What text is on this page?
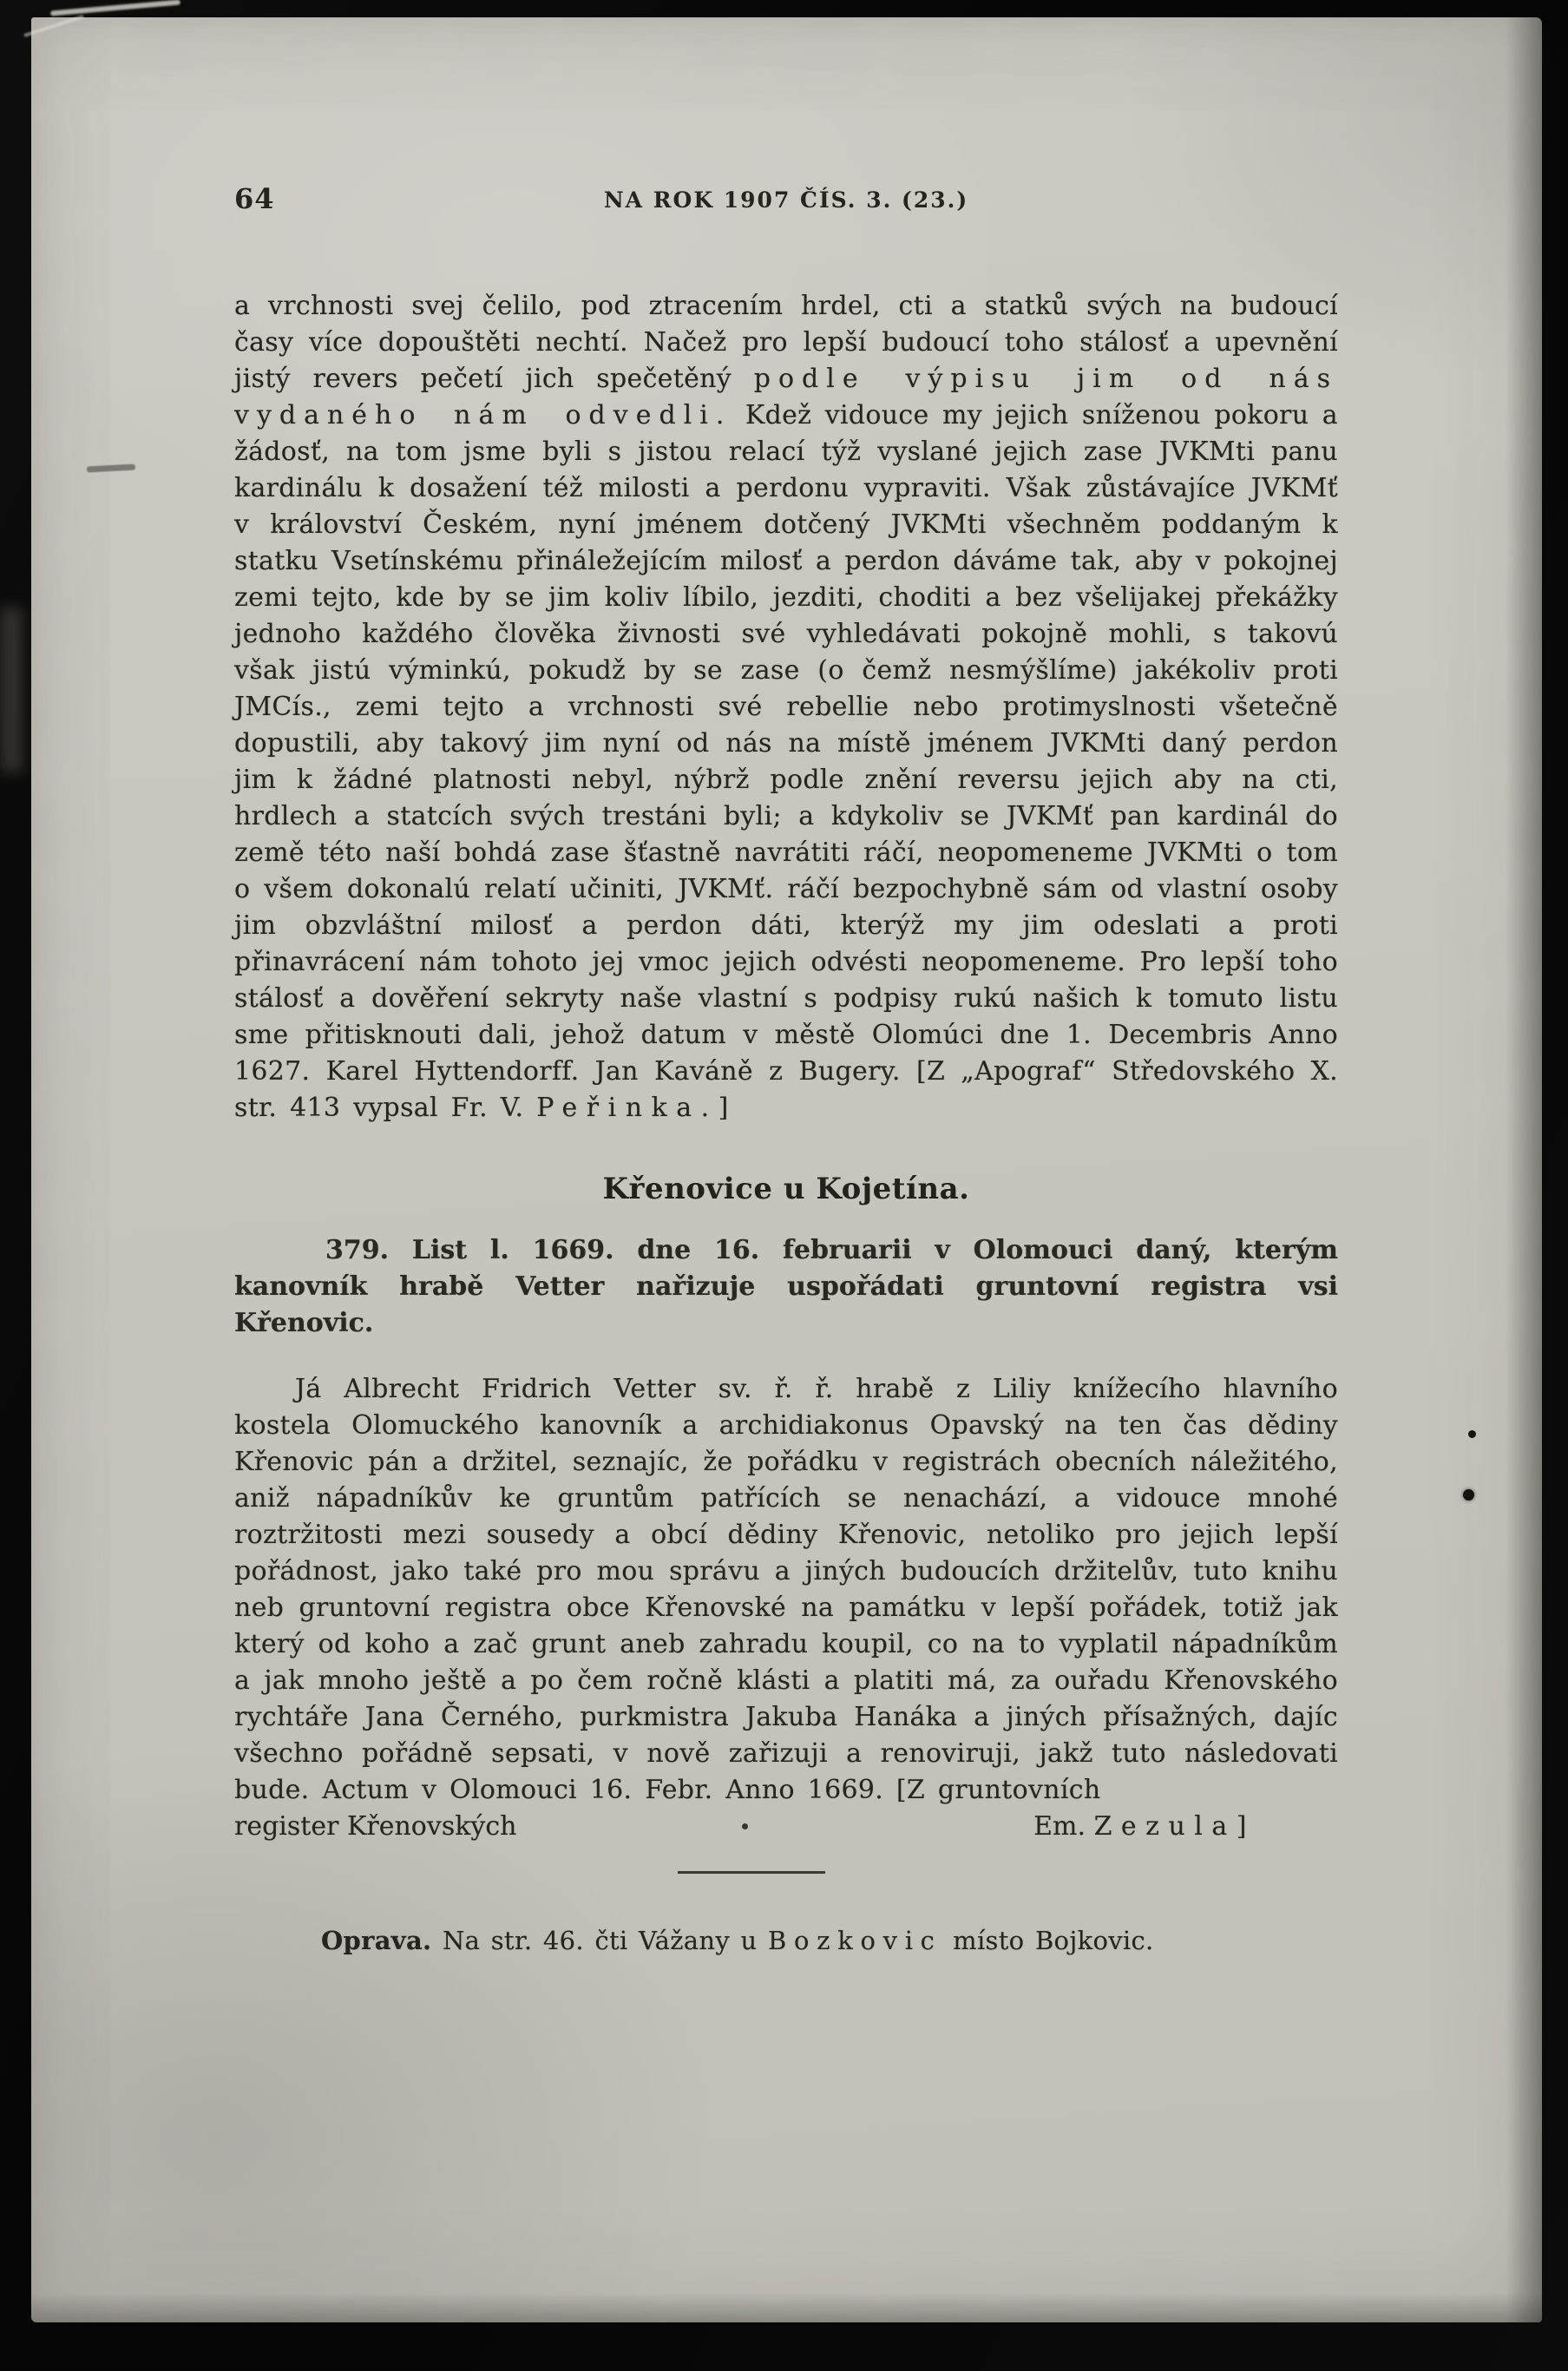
64	NA ROK 1907 ČÍS. 3. (23.)

a vrchnosti svej čelilo, pod ztracením hrdel, cti a statků svých na budoucí časy více dopouštěti nechtí. Načež pro lepší budoucí toho stálosť a upevnění jistý revers pečetí jich spečetěný podle výpisu jim od nás vydaného nám odvedli. Kdež vidouce my jejich sníženou pokoru a žádosť, na tom jsme byli s jistou relací týž vyslané jejich zase JVKMti panu kardinálu k dosažení též milosti a perdonu vypraviti. Však zůstávajíce JVKMť v království Českém, nyní jménem dotčený JVKMti všechněm poddaným k statku Vsetínskému přináležejícím milosť a perdon dáváme tak, aby v pokojnej zemi tejto, kde by se jim koliv líbilo, jezditi, choditi a bez všelijakej překážky jednoho každého člověka živnosti své vyhledávati pokojně mohli, s takovú však jistú výminkú, pokudž by se zase (o čemž nesmýšlíme) jakékoliv proti JMCís., zemi tejto a vrchnosti své rebellie nebo protimyslnosti všetečně dopustili, aby takový jim nyní od nás na místě jménem JVKMti daný perdon jim k žádné platnosti nebyl, nýbrž podle znění reversu jejich aby na cti, hrdlech a statcích svých trestáni byli; a kdykoliv se JVKMť pan kardinál do země této naší bohdá zase šťastně navrátiti ráčí, neopomeneme JVKMti o tom o všem dokonalú relatí učiniti, JVKMť. ráčí bezpochybně sám od vlastní osoby jim obzvláštní milosť a perdon dáti, kterýž my jim odeslati a proti přinavrácení nám tohoto jej vmoc jejich odvésti neopomeneme. Pro lepší toho stálosť a dověření sekryty naše vlastní s podpisy rukú našich k tomuto listu sme přitisknouti dali, jehož datum v městě Olomúci dne 1. Decembris Anno 1627. Karel Hyttendorff. Jan Kaváně z Bugery. [Z „Apograf“ Středovského X. str. 413 vypsal Fr. V. Peřinka.]

Křenovice u Kojetína.

379. List l. 1669. dne 16. februarii v Olomouci daný, kterým kanovník hrabě Vetter nařizuje uspořádati gruntovní registra vsi Křenovic.

Já Albrecht Fridrich Vetter sv. ř. ř. hrabě z Liliy knížecího hlavního kostela Olomuckého kanovník a archidiakonus Opavský na ten čas dědiny Křenovic pán a držitel, seznajíc, že pořádku v registrách obecních náležitého, aniž nápadníkův ke gruntům patřících se nenachází, a vidouce mnohé roztržitosti mezi sousedy a obcí dědiny Křenovic, netoliko pro jejich lepší pořádnost, jako také pro mou správu a jiných budoucích držitelův, tuto knihu neb gruntovní registra obce Křenovské na památku v lepší pořádek, totiž jak který od koho a zač grunt aneb zahradu koupil, co na to vyplatil nápadníkům a jak mnoho ještě a po čem ročně klásti a platiti má, za ouřadu Křenovského rychtáře Jana Černého, purkmistra Jakuba Hanáka a jiných přísažných, dajíc všechno pořádně sepsati, v nově zařizuji a renoviruji, jakž tuto následovati bude. Actum v Olomouci 16. Febr. Anno 1669. [Z gruntovních

register Křenovských	Em. Zezula]

Oprava. Na str. 46. čti Vážany u Bozkovic místo Bojkovic.
